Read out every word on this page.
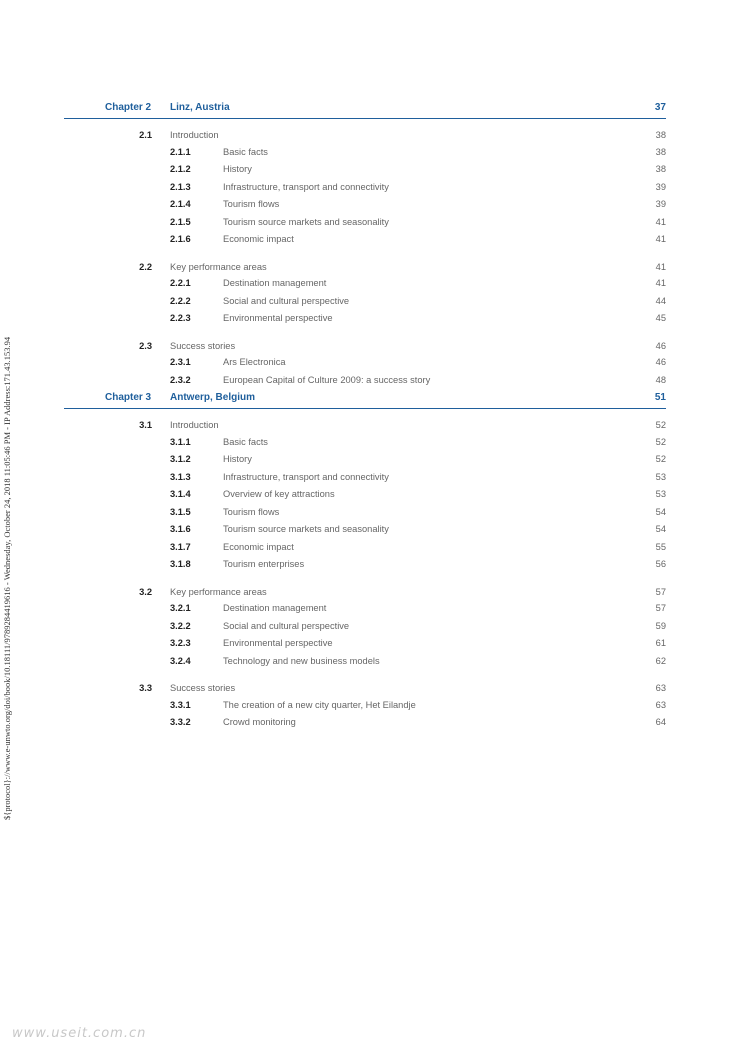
Chapter 2 Linz, Austria	37
2.1 Introduction	38
2.1.1	Basic facts	38
2.1.2	History	38
2.1.3	Infrastructure, transport and connectivity	39
2.1.4	Tourism flows	39
2.1.5	Tourism source markets and seasonality	41
2.1.6	Economic impact	41
2.2 Key performance areas	41
2.2.1	Destination management	41
2.2.2	Social and cultural perspective	44
2.2.3	Environmental perspective	45
2.3 Success stories	46
2.3.1	Ars Electronica	46
2.3.2	European Capital of Culture 2009: a success story	48
Chapter 3 Antwerp, Belgium	51
3.1 Introduction	52
3.1.1	Basic facts	52
3.1.2	History	52
3.1.3	Infrastructure, transport and connectivity	53
3.1.4	Overview of key attractions	53
3.1.5	Tourism flows	54
3.1.6	Tourism source markets and seasonality	54
3.1.7	Economic impact	55
3.1.8	Tourism enterprises	56
3.2 Key performance areas	57
3.2.1	Destination management	57
3.2.2	Social and cultural perspective	59
3.2.3	Environmental perspective	61
3.2.4	Technology and new business models	62
3.3 Success stories	63
3.3.1	The creation of a new city quarter, Het Eilandje	63
3.3.2	Crowd monitoring	64
${protocol}://www.e-unwto.org/doi/book/10.18111/9789284419616 - Wednesday, October 24, 2018 11:05:46 PM - IP Address:171.43.153.94
www.useit.com.cn
